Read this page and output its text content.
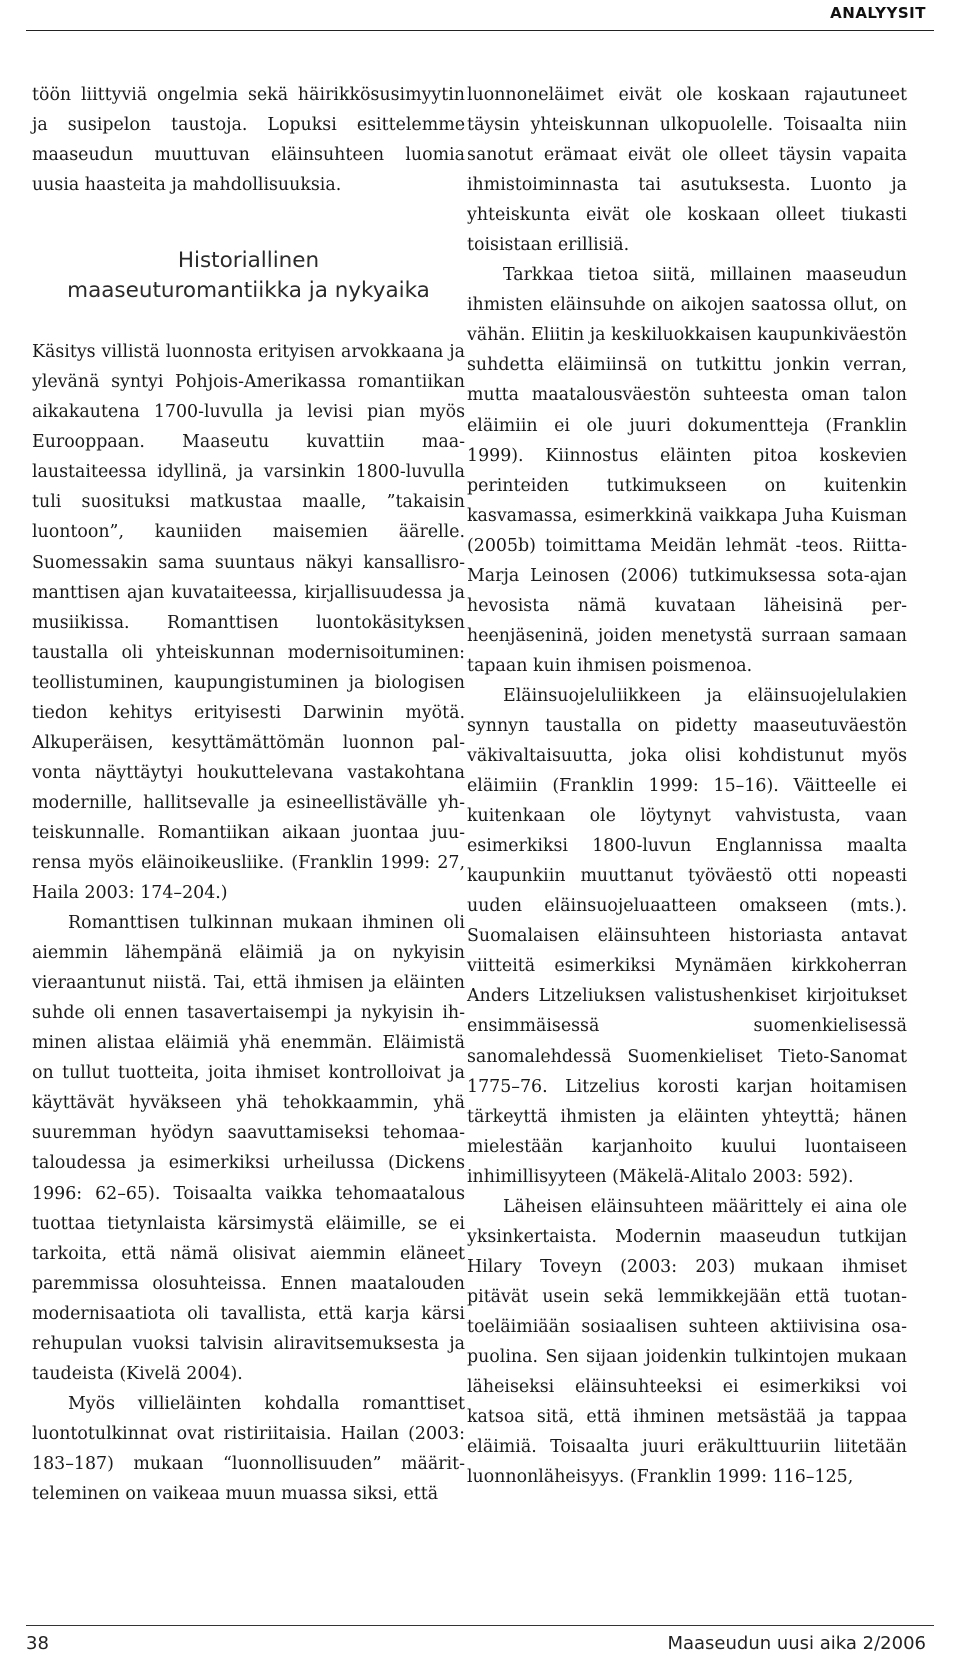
ANALYYSIT

töön liittyviä ongelmia sekä häirikkösusimyytin ja susipelon taustoja. Lopuksi esittelemme maaseudun muuttuvan eläinsuhteen luomia uusia haasteita ja mahdollisuuksia.

Historiallinen
maaseuturomantiikka ja nykyaika

Käsitys villistä luonnosta erityisen arvokkaana ja ylevänä syntyi Pohjois-Amerikassa romantiikan aikakautena 1700-luvulla ja levisi pian myös Eurooppaan. Maaseutu kuvattiin maalaustaiteessa idyllinä, ja varsinkin 1800-luvulla tuli suosituksi matkustaa maalle, ”takaisin luontoon”, kauniiden maisemien äärelle. Suomessakin sama suuntaus näkyi kansallisromanttisen ajan kuvataiteessa, kirjallisuudessa ja musiikissa. Romanttisen luontokäsityksen taustalla oli yhteiskunnan modernisoituminen: teollistuminen, kaupungistuminen ja biologisen tiedon kehitys erityisesti Darwinin myötä. Alkuperäisen, kesyttämättömän luonnon palvonta näyttäytyi houkuttelevana vastakohtana modernille, hallitsevalle ja esineellistävälle yhteiskunnalle. Romantiikan aikaan juontaa juurensa myös eläinoikeusliike. (Franklin 1999: 27, Haila 2003: 174–204.)

Romanttisen tulkinnan mukaan ihminen oli aiemmin lähempänä eläimiä ja on nykyisin vieraantunut niistä. Tai, että ihmisen ja eläinten suhde oli ennen tasavertaisempi ja nykyisin ihminen alistaa eläimiä yhä enemmän. Eläimistä on tullut tuotteita, joita ihmiset kontrolloivat ja käyttävät hyväkseen yhä tehokkaammin, yhä suuremman hyödyn saavuttamiseksi tehomaataloudessa ja esimerkiksi urheilussa (Dickens 1996: 62–65). Toisaalta vaikka tehomaatalous tuottaa tietynlaista kärsimystä eläimille, se ei tarkoita, että nämä olisivat aiemmin eläneet paremmissa olosuhteissa. Ennen maatalouden modernisaatiota oli tavallista, että karja kärsi rehupulan vuoksi talvisin aliravitsemuksesta ja taudeista (Kivelä 2004).

Myös villieläinten kohdalla romanttiset luontotulkinnat ovat ristiriitaisia. Hailan (2003: 183–187) mukaan “luonnollisuuden” määritteleminen on vaikeaa muun muassa siksi, että

luonnoneläimet eivät ole koskaan rajautuneet täysin yhteiskunnan ulkopuolelle. Toisaalta niin sanotut erämaat eivät ole olleet täysin vapaita ihmistoiminnasta tai asutuksesta. Luonto ja yhteiskunta eivät ole koskaan olleet tiukasti toisistaan erillisiä.

Tarkkaa tietoa siitä, millainen maaseudun ihmisten eläinsuhde on aikojen saatossa ollut, on vähän. Eliitin ja keskiluokkaisen kaupunkiväestön suhdetta eläimiinsä on tutkittu jonkin verran, mutta maatalousväestön suhteesta oman talon eläimiin ei ole juuri dokumentteja (Franklin 1999). Kiinnostus eläinten pitoa koskevien perinteiden tutkimukseen on kuitenkin kasvamassa, esimerkkinä vaikkapa Juha Kuisman (2005b) toimittama Meidän lehmät -teos. Riitta-Marja Leinosen (2006) tutkimuksessa sota-ajan hevosista nämä kuvataan läheisinä perheenjäseninä, joiden menetystä surraan samaan tapaan kuin ihmisen poismenoa.

Eläinsuojeluliikkeen ja eläinsuojelulakien synnyn taustalla on pidetty maaseutuväestön väkivaltaisuutta, joka olisi kohdistunut myös eläimiin (Franklin 1999: 15–16). Väitteelle ei kuitenkaan ole löytynyt vahvistusta, vaan esimerkiksi 1800-luvun Englannissa maalta kaupunkiin muuttanut työväestö otti nopeasti uuden eläinsuojeluaatteen omakseen (mts.). Suomalaisen eläinsuhteen historiasta antavat viitteitä esimerkiksi Mynämäen kirkkoherran Anders Litzeliuksen valistushenkiset kirjoitukset ensimmäisessä suomenkielisessä sanomalehdessä Suomenkieliset Tieto-Sanomat 1775–76. Litzelius korosti karjan hoitamisen tärkeyttä ihmisten ja eläinten yhteyttä; hänen mielestään karjanhoito kuului luontaiseen inhimillisyyteen (Mäkelä-Alitalo 2003: 592).

Läheisen eläinsuhteen määrittely ei aina ole yksinkertaista. Modernin maaseudun tutkijan Hilary Toveyn (2003: 203) mukaan ihmiset pitävät usein sekä lemmikkejään että tuotantoeläimiään sosiaalisen suhteen aktiivisina osapuolina. Sen sijaan joidenkin tulkintojen mukaan läheiseksi eläinsuhteeksi ei esimerkiksi voi katsoa sitä, että ihminen metsästää ja tappaa eläimiä. Toisaalta juuri eräkulttuuriin liitetään luonnonläheisyys. (Franklin 1999: 116–125,

38	Maaseudun uusi aika 2/2006
